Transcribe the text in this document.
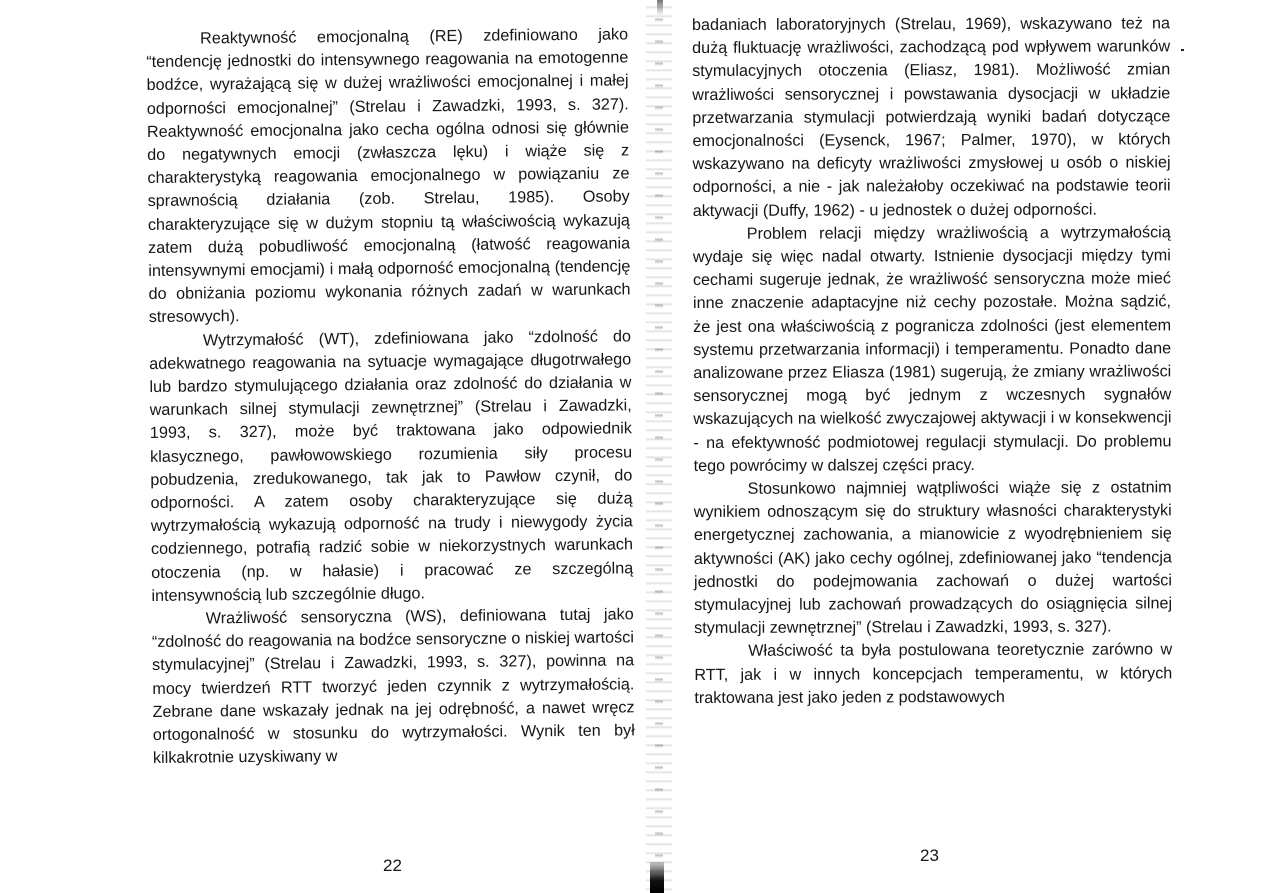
Reaktywność emocjonalną (RE) zdefiniowano jako “tendencję jednostki do intensywnego reagowania na emotogenne bodźce, wyrażającą się w dużej wrażliwości emocjonalnej i małej odporności emocjonalnej” (Strelau i Zawadzki, 1993, s. 327). Reaktywność emocjonalna jako cecha ogólna odnosi się głównie do negatywnych emocji (zwłaszcza lęku) i wiąże się z charakterystyką reagowania emocjonalnego w powiązaniu ze sprawnością działania (zob. Strelau, 1985). Osoby charakteryzujące się w dużym stopniu tą właściwością wykazują zatem dużą pobudliwość emocjonalną (łatwość reagowania intensywnymi emocjami) i małą odporność emocjonalną (tendencję do obniżania poziomu wykonania różnych zadań w warunkach stresowych).

Wytrzymałość (WT), zdefiniowana jako “zdolność do adekwatnego reagowania na sytuacje wymagające długotrwałego lub bardzo stymulującego działania oraz zdolność do działania w warunkach silnej stymulacji zewnętrznej” (Strelau i Zawadzki, 1993, s. 327), może być traktowana jako odpowiednik klasycznego, pawłowowskiego rozumienia siły procesu pobudzenia, zredukowanego, tak jak to Pawłow czynił, do odporności. A zatem osoby charakteryzujące się dużą wytrzymałością wykazują odporność na trudy i niewygody życia codziennego, potrafią radzić sobie w niekorzystnych warunkach otoczenia (np. w hałasie) i pracować ze szczególną intensywnością lub szczególnie długo.

Wrażliwość sensoryczna (WS), definiowana tutaj jako “zdolność do reagowania na bodźce sensoryczne o niskiej wartości stymulacyjnej” (Strelau i Zawadzki, 1993, s. 327), powinna na mocy twierdzeń RTT tworzyć jeden czynnik z wytrzymałością. Zebrane dane wskazały jednak na jej odrębność, a nawet wręcz ortogonalność w stosunku do wytrzymałości. Wynik ten był kilkakrotnie uzyskiwany w

22

badaniach laboratoryjnych (Strelau, 1969), wskazywano też na dużą fluktuację wrażliwości, zachodzącą pod wpływem warunków stymulacyjnych otoczenia (Eliasz, 1981). Możliwość zmian wrażliwości sensorycznej i powstawania dysocjacji w układzie przetwarzania stymulacji potwierdzają wyniki badań dotyczące emocjonalności (Eysenck, 1967; Palmer, 1970), w których wskazywano na deficyty wrażliwości zmysłowej u osób o niskiej odporności, a nie - jak należałoby oczekiwać na podstawie teorii aktywacji (Duffy, 1962) - u jednostek o dużej odporności.

Problem relacji między wrażliwością a wytrzymałością wydaje się więc nadal otwarty. Istnienie dysocjacji między tymi cechami sugeruje jednak, że wrażliwość sensoryczna może mieć inne znaczenie adaptacyjne niż cechy pozostałe. Można sądzić, że jest ona właściwością z pogranicza zdolności (jest elementem systemu przetwarzania informacji) i temperamentu. Ponadto dane analizowane przez Eliasza (1981) sugerują, że zmiany wrażliwości sensorycznej mogą być jednym z wczesnych sygnałów wskazujących na wielkość zwyczajowej aktywacji i w konsekwencji - na efektywność podmiotowej regulacji stymulacji. Do problemu tego powrócimy w dalszej części pracy.

Stosunkowo najmniej wątpliwości wiąże się z ostatnim wynikiem odnoszącym się do struktury własności charakterystyki energetycznej zachowania, a mianowicie z wyodrębnieniem się aktywności (AK) jako cechy ogólnej, zdefiniowanej jako “tendencja jednostki do podejmowania zachowań o dużej wartości stymulacyjnej lub zachowań prowadzących do osiągnięcia silnej stymulacji zewnętrznej” (Strelau i Zawadzki, 1993, s. 327).

Właściwość ta była postulowana teoretycznie zarówno w RTT, jak i w innych koncepcjach temperamentu, w których traktowana jest jako jeden z podstawowych

23
